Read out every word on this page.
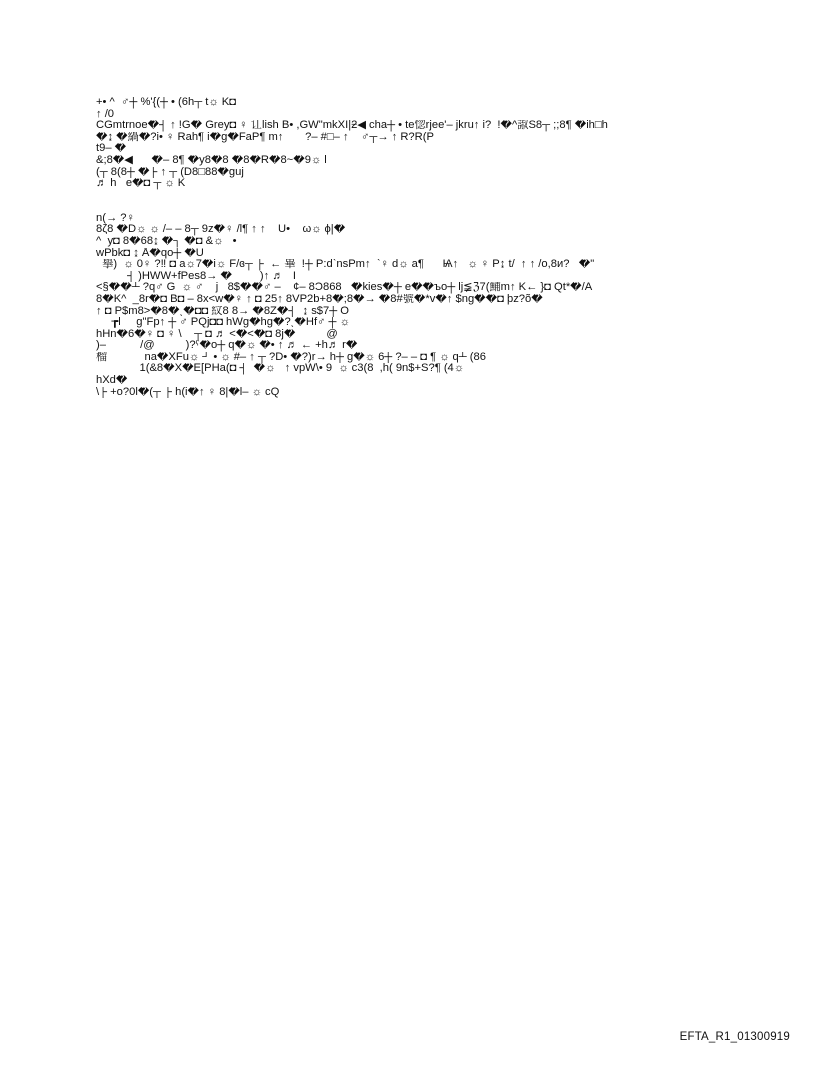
+• ^  ♂┼ %'{(┼ • (6h┬ t☼ K◘
↑ /0
CGmtr̈noe�┤ ↑ !G� Grey◘ ♀ 讧lish B• ,GW"mkXI|ƻ◀ cha┼ • te惚rjee'– jkru↑ i?  !�^諔Ś8┬ ;;8¶ �ih□h
�↨ �緺�?i• ♀ Rah¶ i�g�FaP¶ m↑       ?– #□– ↑    ♂┬→ ↑ R?R(P
t9– �
&;8�◀      �– 8¶ �y8�8 �8�R�8~�9☼ l
(┬ 8(8┼ �├ ↑ ┬ (D8□88�guj
♬ h   e�◘ ┬ ☼ K
n(→ ?♀
8ζ8 �D☼ ☼ /– – 8┬ 9z�♀ /l¶ ↑ ↑    U•    ω☼ ϕ|�
^  y◘ 8�68↨ �┐ �◘ &☼   •
wPbk◘ ↨ Å�qo┼ �U
擧)  ☼ 0♀ ?‼ ◘ a☼7�i☼ F/ɞ┬ ├  ← 畢  !┼ P:d`nsPm↑  `♀ d☼ a¶      Ѩ↑   ☼ ♀ P↨ t/  ↑ ↑ /o,8и?   �"
┤ )HWW+fPes8→ �         )↑ ♬   Í
<§��┴ ?q♂ G  ☼ ♂    j   8$��♂ –    ¢– 8Ͻ868   �kies�┼ e��ъo┼ lj≨ℨ7(鯆m↑ K← }◘ Qt*�/A
8�K^  _8r�◘ B◘ – 8x<w�♀ ↑ ◘ 25↑ 8VP2b+8�;8�→ �8#號�*v�↑ $ng��◘ þz?ȭ�
↑ ◘ P$m8>�8�ˎ�◘◘ 紋8 8→ �8Z�┤  ↨ s$7┼ O
┲l     g"Fp↑ ┼ ♂ PQj◘◘ hWg�hg�?ˎ�Hf♂ ┼ ☼
hHn�6�♀ ◘ ♀ \    ┬ ◘ ♬ <�<�◘ 8j�          @
)–           /@          )?ˤ�o┼ q�☼ �• ↑ ♬ ← +h♬ r�
榴            na�XFu☼ ┘ • ☼ #– ↑ ┬ ?D• �?)r→ h┼ g�☼ 6┼ ?– – ◘ ¶ ☼ q┴ (86
1(&8�X�E[PHa(◘ ┤  �☼   ↑ vpW\• 9  ☼ c3(8  ,h( 9n$+S?¶ (4☼
hXd�
\├ +o?0l�(┬ ├ h(i�↑ ♀ 8|�l– ☼ cQ
EFTA_R1_01300919
